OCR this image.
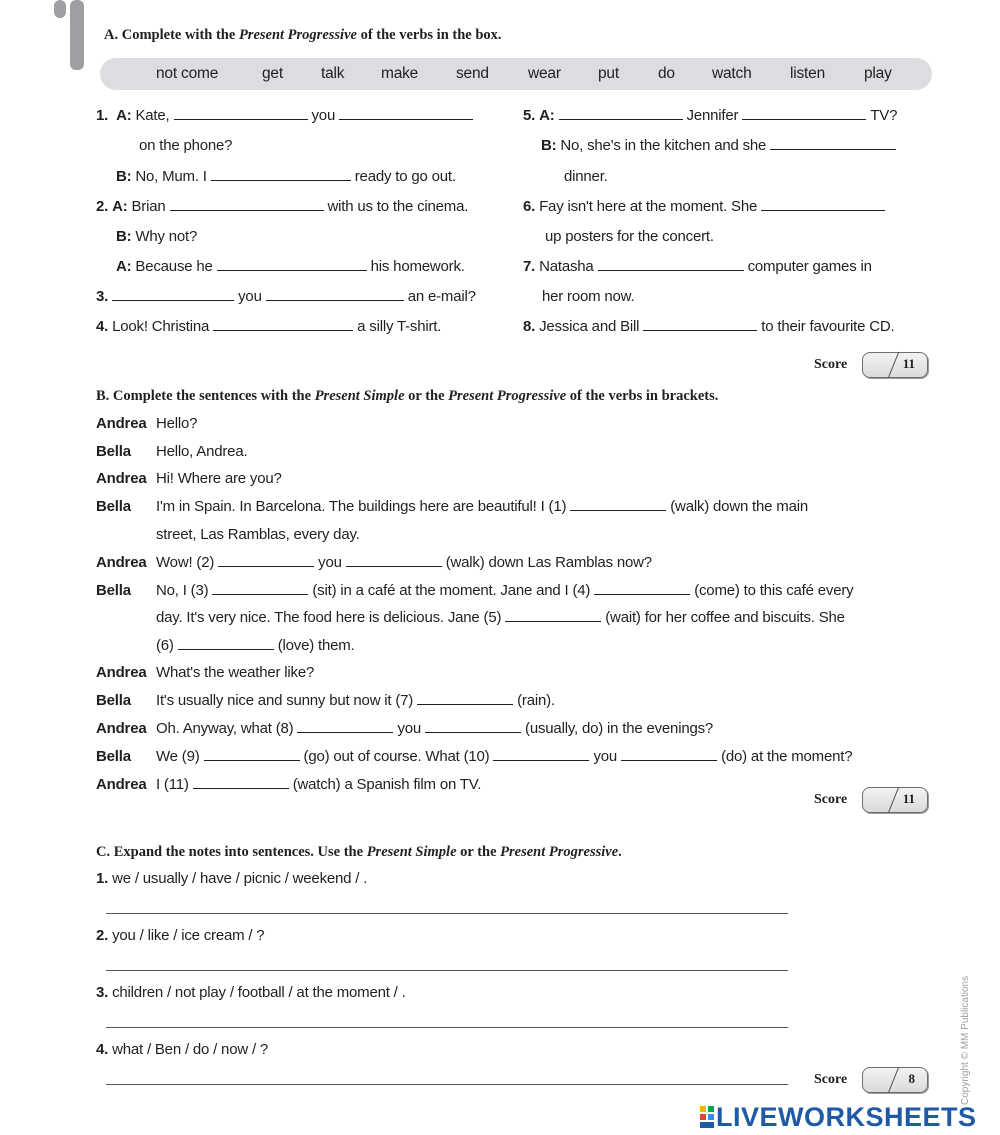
A. Complete with the Present Progressive of the verbs in the box.
not come	get talk make send	wear put	do watch listen	play
1. A: Kate,	you
on the phone?
B: No, Mum. I	ready to go out.
2. A: Brian	with us to the cinema.
B: Why not?
A: Because he	his homework.
3.	you	an e-mail?
4. Look! Christina	a silly T-shirt.
5. A:	Jennifer	TV?
B: No, she's in the kitchen and she
dinner.
6. Fay isn't here at the moment. She
up posters for the concert.
7. Natasha	computer games in
her room now.
8. Jessica and Bill	to their favourite CD.
Score	11
B. Complete the sentences with the Present Simple or the Present Progressive of the verbs in brackets.
Andrea Hello?
Bella Hello, Andrea.
Andrea Hi! Where are you?
Bella I'm in Spain. In Barcelona. The buildings here are beautiful! I (1)	(walk) down the main
street, Las Ramblas, every day.
Andrea Wow! (2)	you	(walk) down Las Ramblas now?
Bella No, I (3)	(sit) in a café at the moment. Jane and I (4)	(come) to this café every
day. It's very nice. The food here is delicious. Jane (5)	(wait) for her coffee and biscuits. She
(6)	(love) them.
Andrea What's the weather like?
Bella It's usually nice and sunny but now it (7)	(rain).
Andrea Oh. Anyway, what (8)	you	(usually, do) in the evenings?
Bella We (9)	(go) out of course. What (10)	you	(do) at the moment?
Andrea I (11)	(watch) a Spanish film on TV.
Score	11
C. Expand the notes into sentences. Use the Present Simple or the Present Progressive.
1. we / usually / have / picnic / weekend / .
2. you / like / ice cream / ?
3. children / not play / football / at the moment / .
4. what / Ben / do / now / ?
Score	8	Copyright © MM Publications
LIVEWORKSHEETS
